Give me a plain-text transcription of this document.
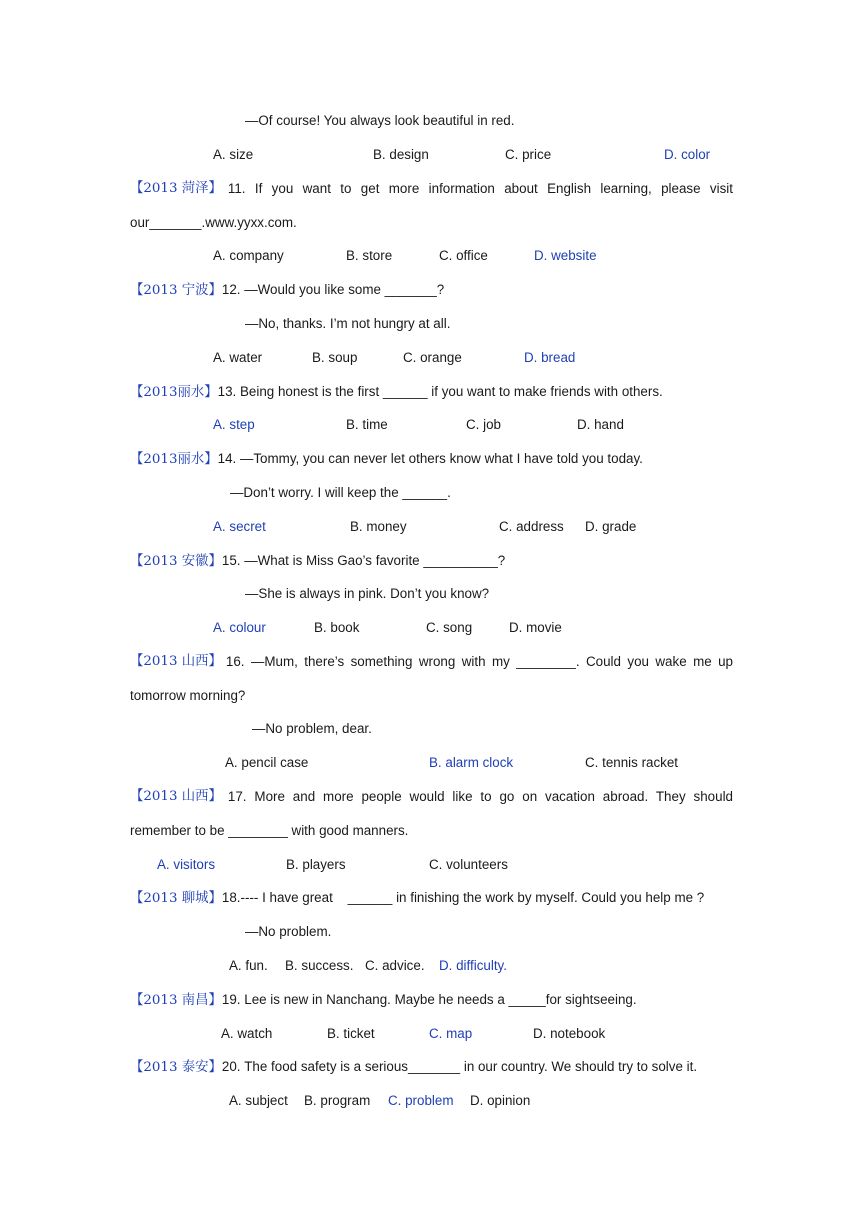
—Of course! You always look beautiful in red.
A. size	B. design	C. price	D. color
【2013 菏泽】 11. If you want to get more information about English learning, please visit
our_______.www.yyxx.com.
A. company	B. store	C. office	D. website
【2013 宁波】12. —Would you like some _______?
—No, thanks. I’m not hungry at all.
A. water	B. soup	C. orange	D. bread
【2013丽水】13. Being honest is the first ______ if you want to make friends with others.
A. step	B. time	C. job	D. hand
【2013丽水】14. —Tommy, you can never let others know what I have told you today.
—Don’t worry. I will keep the ______.
A. secret	B. money	C. address D. grade
【2013 安徽】15. —What is Miss Gao’s favorite __________?
—She is always in pink. Don’t you know?
A. colour	B. book	C. song	D. movie
【2013 山西】 16. —Mum, there’s something wrong with my ________. Could you wake me up
tomorrow morning?
—No problem, dear.
A. pencil case	B. alarm clock	C. tennis racket
【2013 山西】 17. More and more people would like to go on vacation abroad. They should
remember to be ________ with good manners.
A. visitors	B. players	C. volunteers
【2013 聊城】18.---- I have great    ______ in finishing the work by myself. Could you help me ?
—No problem.
A. fun. B. success. C. advice. D. difficulty.
【2013 南昌】19. Lee is new in Nanchang. Maybe he needs a _____for sightseeing.
A. watch	B. ticket	C. map	D. notebook
【2013 泰安】20. The food safety is a serious_______ in our country. We should try to solve it.
A. subject B. program C. problem D. opinion
